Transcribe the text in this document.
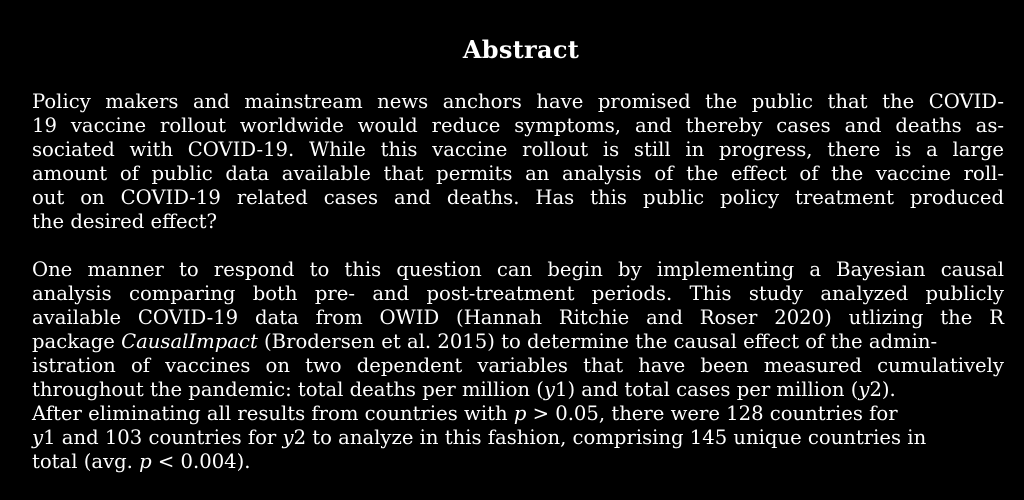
Abstract
Policy makers and mainstream news anchors have promised the public that the COVID-
19 vaccine rollout worldwide would reduce symptoms, and thereby cases and deaths as-
sociated with COVID-19. While this vaccine rollout is still in progress, there is a large
amount of public data available that permits an analysis of the effect of the vaccine roll-
out on COVID-19 related cases and deaths. Has this public policy treatment produced
the desired effect?
One manner to respond to this question can begin by implementing a Bayesian causal
analysis comparing both pre- and post-treatment periods. This study analyzed publicly
available COVID-19 data from OWID (Hannah Ritchie and Roser 2020) utlizing the R
package CausalImpact (Brodersen et al. 2015) to determine the causal effect of the admin-
istration of vaccines on two dependent variables that have been measured cumulatively
throughout the pandemic: total deaths per million (y1) and total cases per million (y2).
After eliminating all results from countries with p > 0.05, there were 128 countries for
y1 and 103 countries for y2 to analyze in this fashion, comprising 145 unique countries in
total (avg. p < 0.004).
